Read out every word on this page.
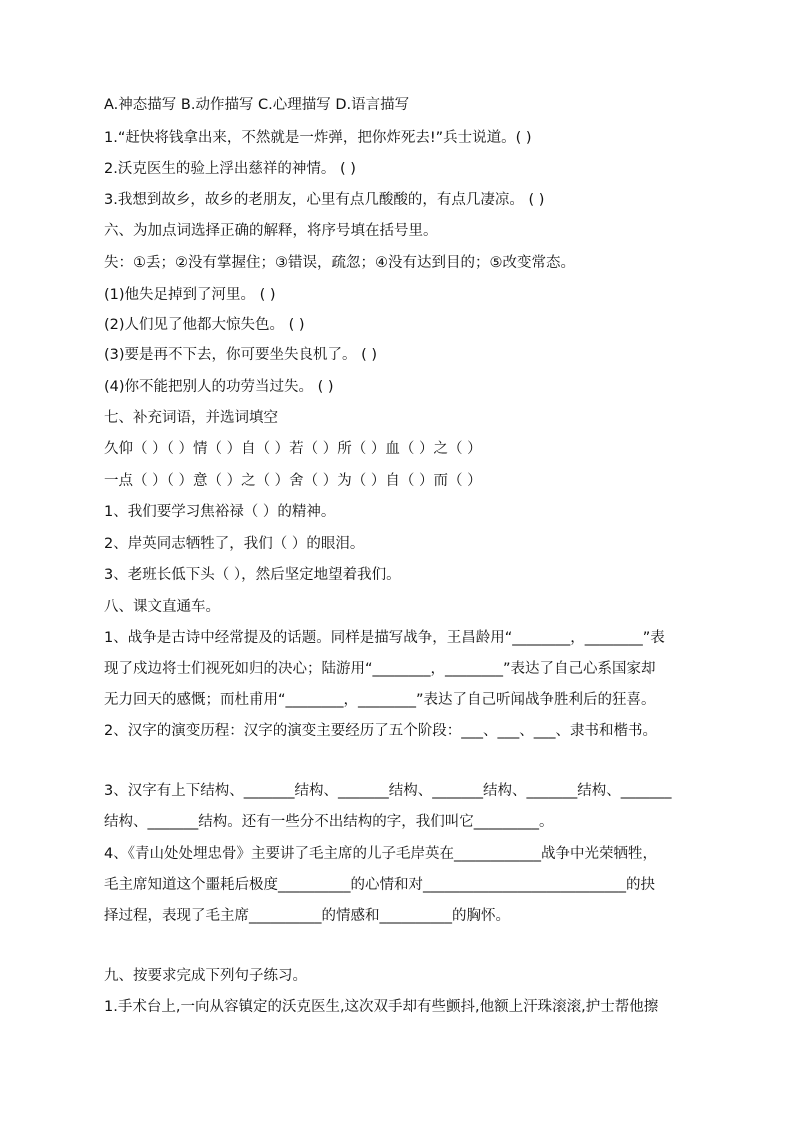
A.神态描写 B.动作描写 C.心理描写 D.语言描写
1.“赶快将钱拿出来，不然就是一炸弹，把你炸死去!”兵士说道。( )
2.沃克医生的验上浮出慈祥的神情。 ( )
3.我想到故乡，故乡的老朋友，心里有点几酸酸的，有点几凄凉。 ( )
六、为加点词选择正确的解释，将序号填在括号里。
失：①丢；②没有掌握住；③错误，疏忽；④没有达到目的；⑤改变常态。
(1)他失足掉到了河里。 ( )
(2)人们见了他都大惊失色。 ( )
(3)要是再不下去，你可要坐失良机了。 ( )
(4)你不能把别人的功劳当过失。 ( )
七、补充词语，并选词填空
久仰（ ）（ ）情（ ）自（ ）若（ ）所（ ）血（ ）之（ ）
一点（ ）（ ）意（ ）之（ ）舍（ ）为（ ）自（ ）而（ ）
1、我们要学习焦裕禄（ ）的精神。
2、岸英同志牺牲了，我们（ ）的眼泪。
3、老班长低下头（ ），然后坚定地望着我们。
八、课文直通车。
1、战争是古诗中经常提及的话题。同样是描写战争，王昌龄用“________，________”表
现了戍边将士们视死如归的决心；陆游用“________，________”表达了自己心系国家却
无力回天的感慨；而杜甫用“________，________”表达了自己听闻战争胜利后的狂喜。
2、汉字的演变历程：汉字的演变主要经历了五个阶段：___、___、___、隶书和楷书。
3、汉字有上下结构、_______结构、_______结构、_______结构、_______结构、_______
结构、_______结构。还有一些分不出结构的字，我们叫它_________。
4、《青山处处埋忠骨》主要讲了毛主席的儿子毛岸英在____________战争中光荣牺牲，
毛主席知道这个噩耗后极度__________的心情和对____________________________的抉
择过程，表现了毛主席__________的情感和__________的胸怀。
九、按要求完成下列句子练习。
1.手术台上,一向从容镇定的沃克医生,这次双手却有些颤抖,他额上汗珠滚滚,护士帮他擦
